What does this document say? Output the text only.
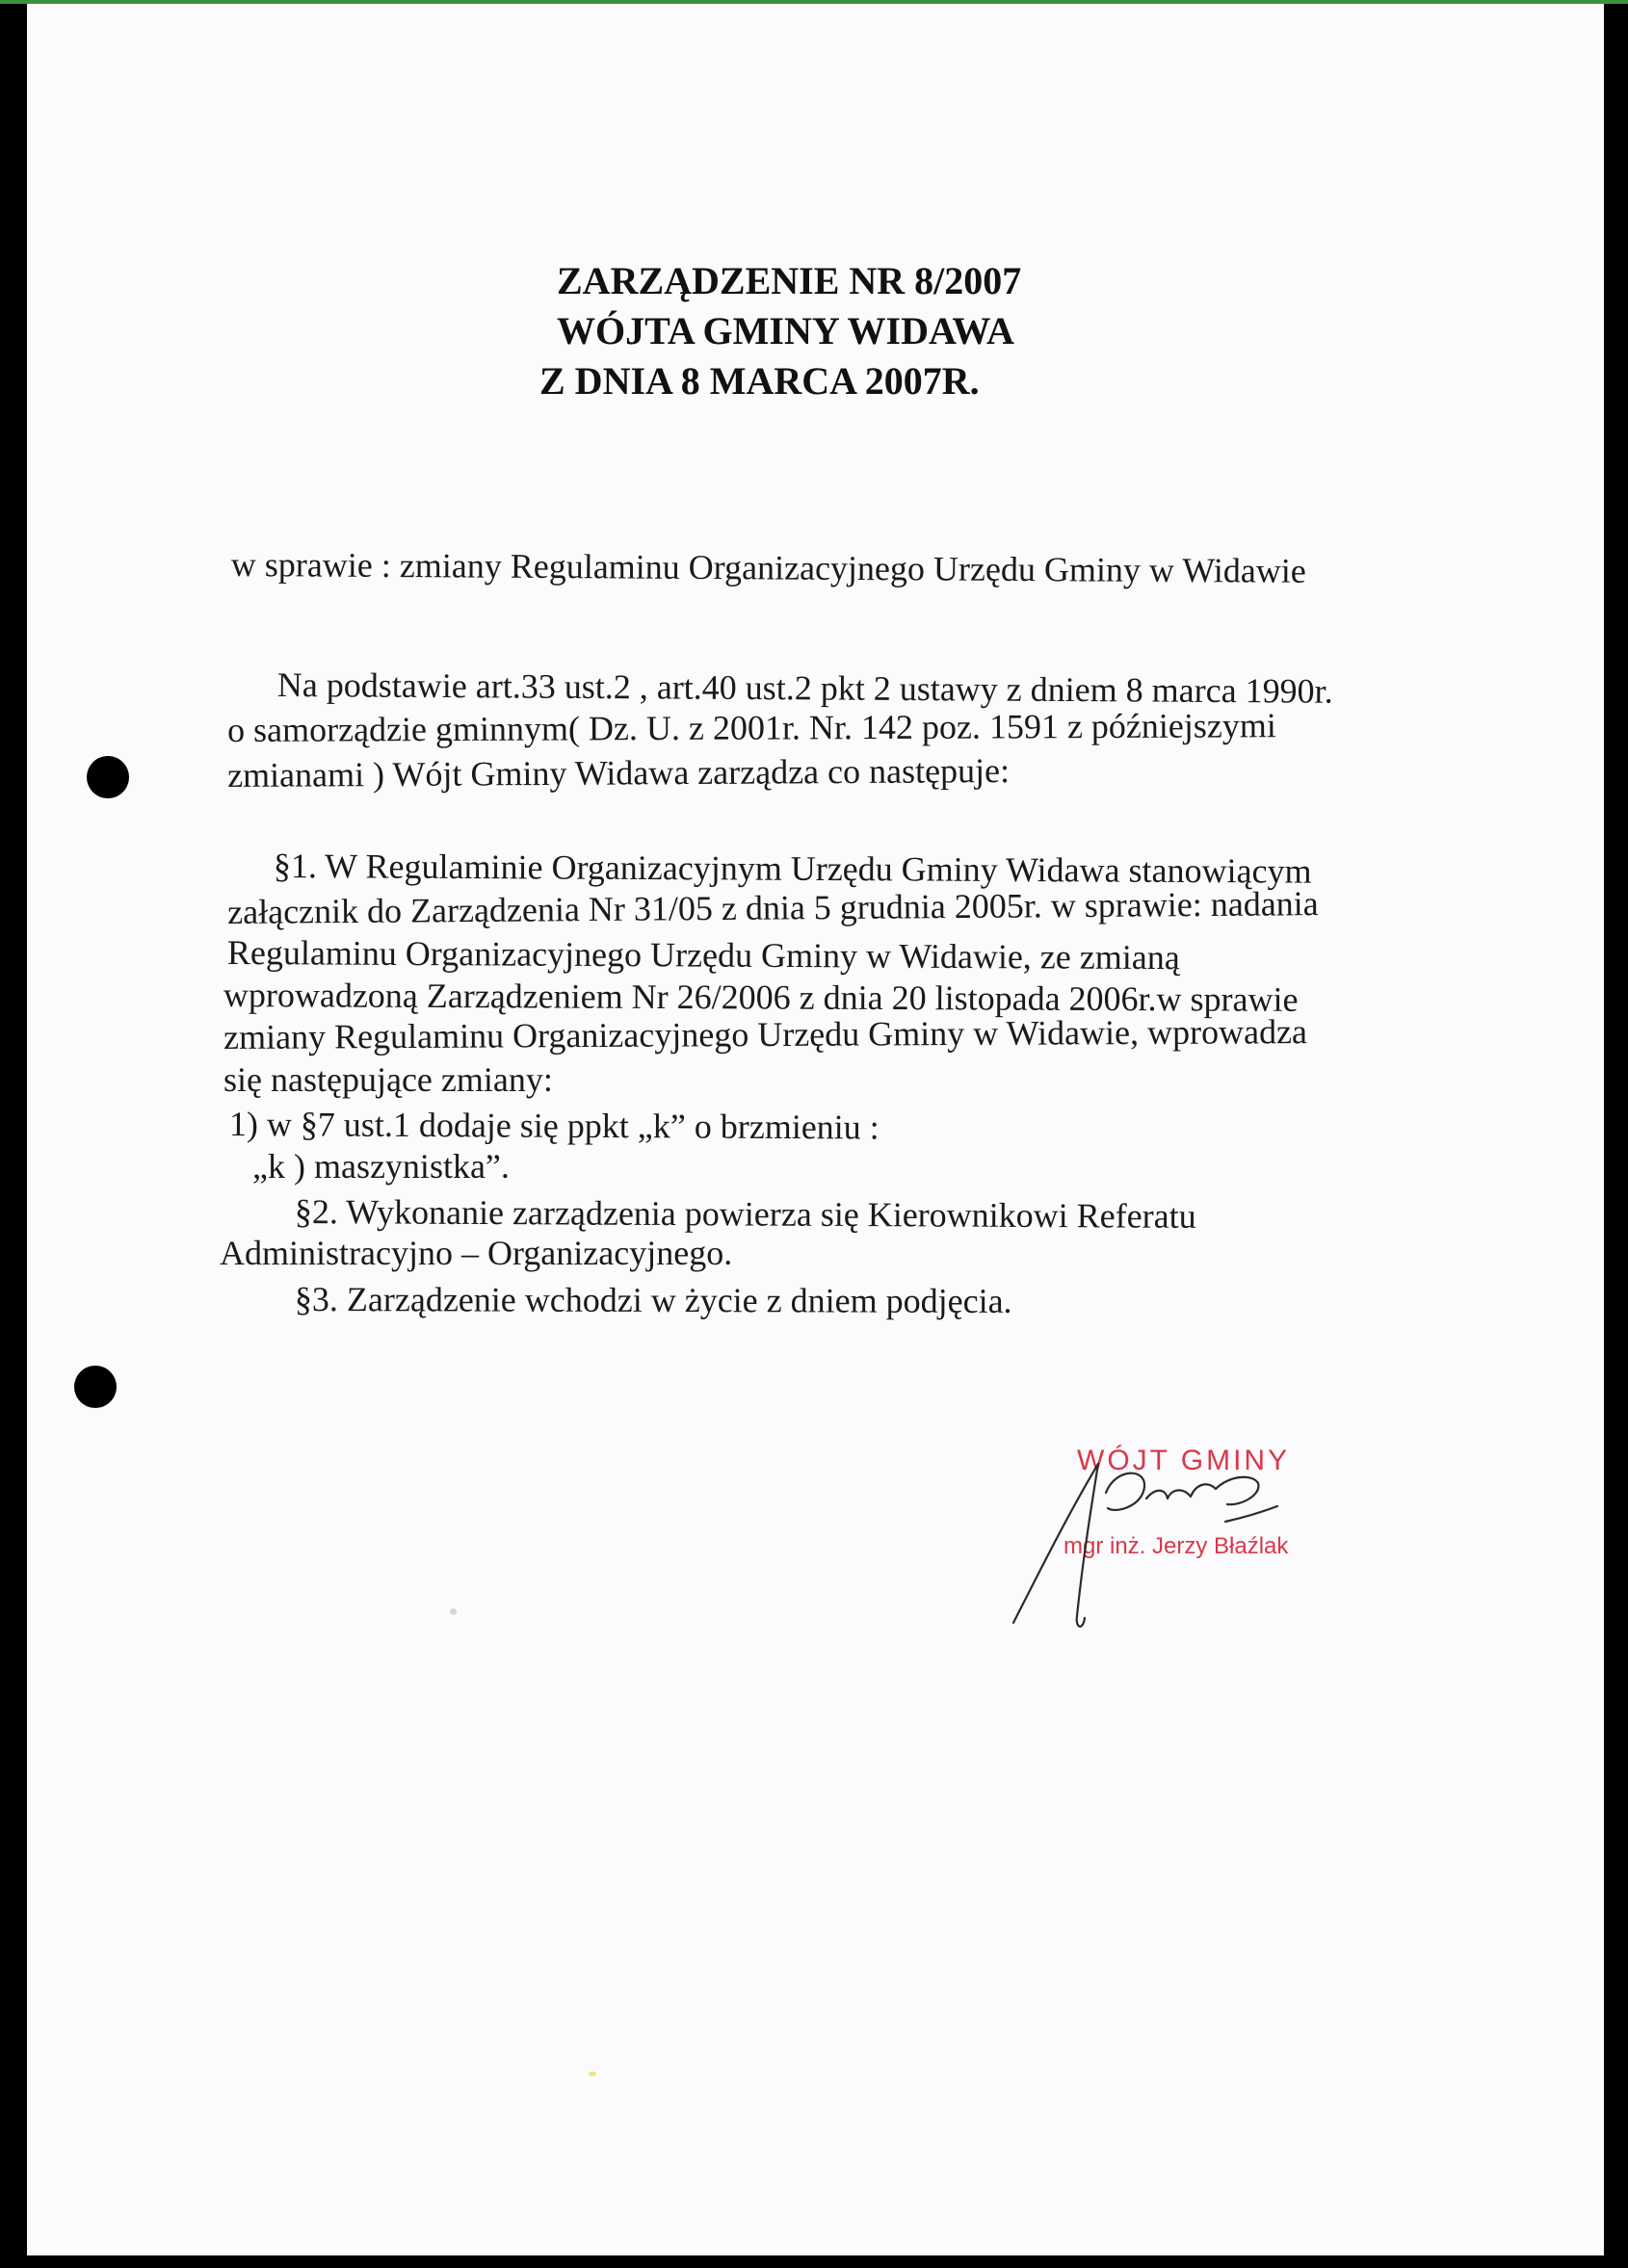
ZARZĄDZENIE NR 8/2007
WÓJTA GMINY WIDAWA
Z DNIA 8 MARCA 2007R.
w sprawie : zmiany Regulaminu Organizacyjnego Urzędu Gminy w Widawie
Na podstawie art.33 ust.2 , art.40 ust.2 pkt 2 ustawy z dniem 8 marca 1990r.
o samorządzie gminnym( Dz. U. z 2001r. Nr. 142 poz. 1591 z późniejszymi
zmianami ) Wójt Gminy Widawa zarządza co następuje:
§1. W Regulaminie Organizacyjnym Urzędu Gminy Widawa stanowiącym
załącznik do Zarządzenia Nr 31/05 z dnia 5 grudnia 2005r. w sprawie: nadania
Regulaminu Organizacyjnego Urzędu Gminy w Widawie, ze zmianą
wprowadzoną Zarządzeniem Nr 26/2006 z dnia 20 listopada 2006r.w sprawie
zmiany Regulaminu Organizacyjnego Urzędu Gminy w Widawie, wprowadza
się następujące zmiany:
1) w §7 ust.1 dodaje się ppkt „k” o brzmieniu :
„k ) maszynistka”.
§2. Wykonanie zarządzenia powierza się Kierownikowi Referatu
Administracyjno – Organizacyjnego.
§3. Zarządzenie wchodzi w życie z dniem podjęcia.
WÓJT GMINY
mgr inż. Jerzy Błaźlak
